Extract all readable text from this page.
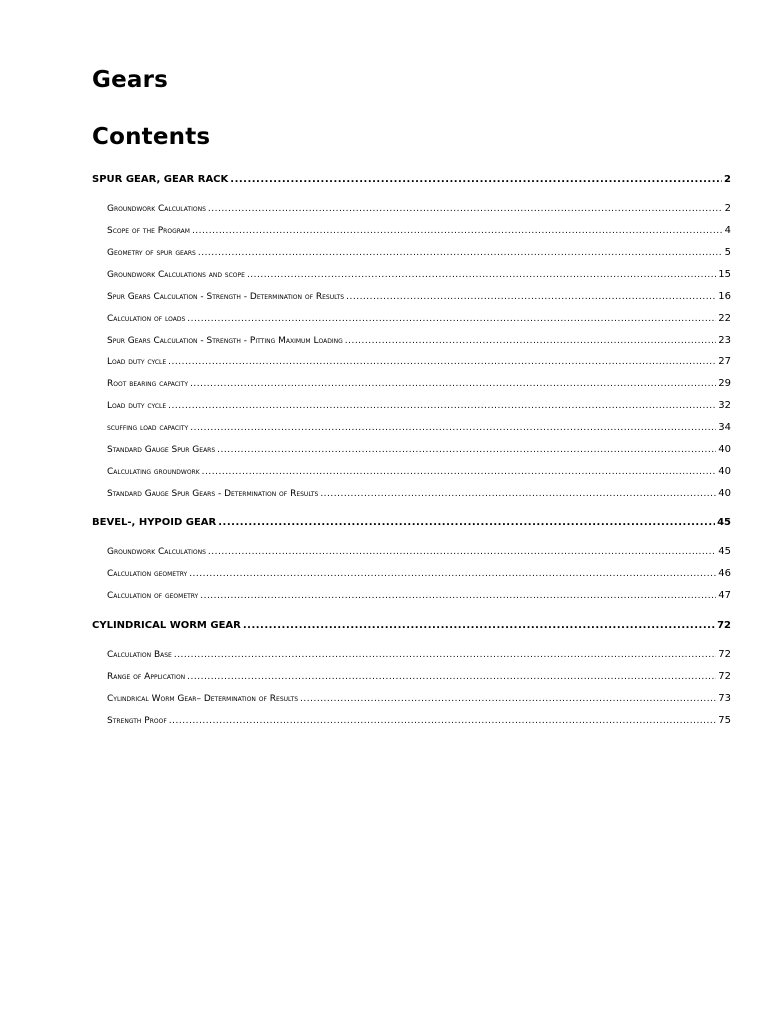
Gears
Contents
SPUR GEAR, GEAR RACK .....	2
Groundwork Calculations .....	2
Scope of the Program .....	4
Geometry of spur gears .....	5
Groundwork Calculations and scope .....	15
Spur Gears Calculation - Strength - Determination of Results .....	16
Calculation of loads .....	22
Spur Gears Calculation - Strength - Pitting Maximum Loading .....	23
Load duty cycle .....	27
Root bearing capacity .....	29
Load duty cycle .....	32
scuffing load capacity .....	34
Standard Gauge Spur Gears .....	40
Calculating groundwork .....	40
Standard Gauge Spur Gears - Determination of Results .....	40
BEVEL-, HYPOID GEAR .....	45
Groundwork Calculations .....	45
Calculation geometry .....	46
Calculation of geometry .....	47
CYLINDRICAL WORM GEAR .....	72
Calculation Base .....	72
Range of Application .....	72
Cylindrical Worm Gear– Determination of Results .....	73
Strength Proof .....	75
